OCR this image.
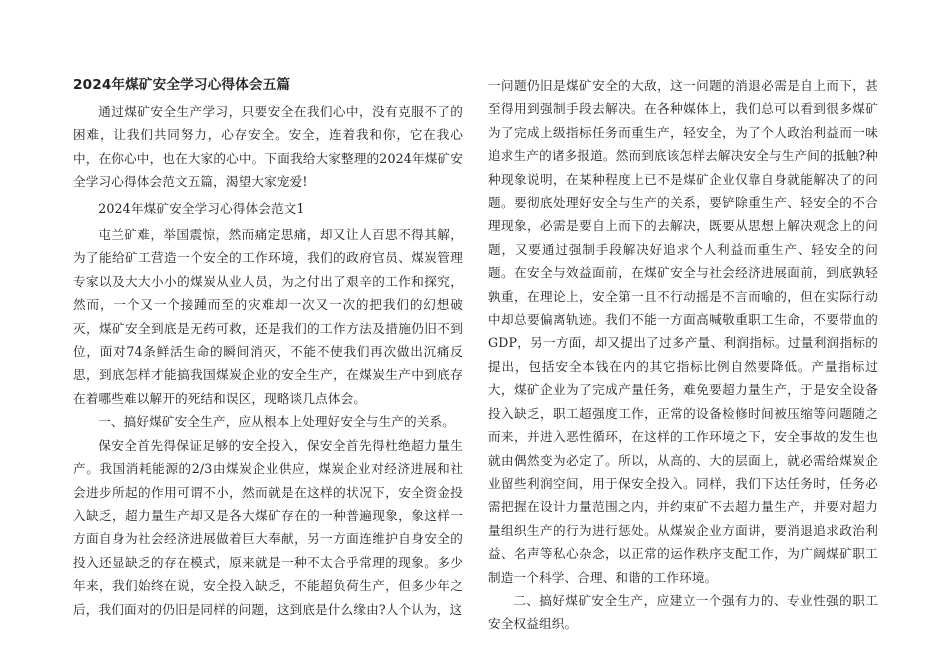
2024年煤矿安全学习心得体会五篇

通过煤矿安全生产学习，只要安全在我们心中，没有克服不了的困难，让我们共同努力，心存安全。安全，连着我和你，它在我心中，在你心中，也在大家的心中。下面我给大家整理的2024年煤矿安全学习心得体会范文五篇，渴望大家宠爱!

2024年煤矿安全学习心得体会范文1

屯兰矿难，举国震惊，然而痛定思痛，却又让人百思不得其解，为了能给矿工营造一个安全的工作环境，我们的政府官员、煤炭管理专家以及大大小小的煤炭从业人员，为之付出了艰辛的工作和探究，然而，一个又一个接踵而至的灾难却一次又一次的把我们的幻想破灭，煤矿安全到底是无药可救，还是我们的工作方法及措施仍旧不到位，面对74条鲜活生命的瞬间消灭，不能不使我们再次做出沉痛反思，到底怎样才能搞我国煤炭企业的安全生产，在煤炭生产中到底存在着哪些难以解开的死结和误区，现略谈几点体会。

一、搞好煤矿安全生产，应从根本上处理好安全与生产的关系。

保安全首先得保证足够的安全投入，保安全首先得杜绝超力量生产。我国消耗能源的2/3由煤炭企业供应，煤炭企业对经济进展和社会进步所起的作用可谓不小，然而就是在这样的状况下，安全资金投入缺乏，超力量生产却又是各大煤矿存在的一种普遍现象，象这样一方面自身为社会经济进展做着巨大奉献，另一方面连维护自身安全的投入还显缺乏的存在模式，原来就是一种不太合乎常理的现象。多少年来，我们始终在说，安全投入缺乏，不能超负荷生产，但多少年之后，我们面对的仍旧是同样的问题，这到底是什么缘由?人个认为，这

一问题仍旧是煤矿安全的大敌，这一问题的消退必需是自上而下，甚至得用到强制手段去解决。在各种媒体上，我们总可以看到很多煤矿为了完成上级指标任务而重生产，轻安全，为了个人政治利益而一味追求生产的诸多报道。然而到底该怎样去解决安全与生产间的抵触?种种现象说明，在某种程度上已不是煤矿企业仅靠自身就能解决了的问题。要彻底处理好安全与生产的关系，要铲除重生产、轻安全的不合理现象，必需是要自上而下的去解决，既要从思想上解决观念上的问题，又要通过强制手段解决好追求个人利益而重生产、轻安全的问题。在安全与效益面前，在煤矿安全与社会经济进展面前，到底孰轻孰重，在理论上，安全第一且不行动摇是不言而喻的，但在实际行动中却总要偏离轨迹。我们不能一方面高喊敬重职工生命，不要带血的GDP，另一方面，却又提出了过多产量、利润指标。过量利润指标的提出，包括安全本钱在内的其它指标比例自然要降低。产量指标过大，煤矿企业为了完成产量任务，难免要超力量生产，于是安全设备投入缺乏，职工超强度工作，正常的设备检修时间被压缩等问题随之而来，并进入恶性循环，在这样的工作环境之下，安全事故的发生也就由偶然变为必定了。所以，从高的、大的层面上，就必需给煤炭企业留些利润空间，用于保安全投入。同样，我们下达任务时，任务必需把握在设计力量范围之内，并约束矿不去超力量生产，并要对超力量组织生产的行为进行惩处。从煤炭企业方面讲，要消退追求政治利益、名声等私心杂念，以正常的运作秩序支配工作，为广阔煤矿职工制造一个科学、合理、和谐的工作环境。

二、搞好煤矿安全生产，应建立一个强有力的、专业性强的职工安全权益组织。
